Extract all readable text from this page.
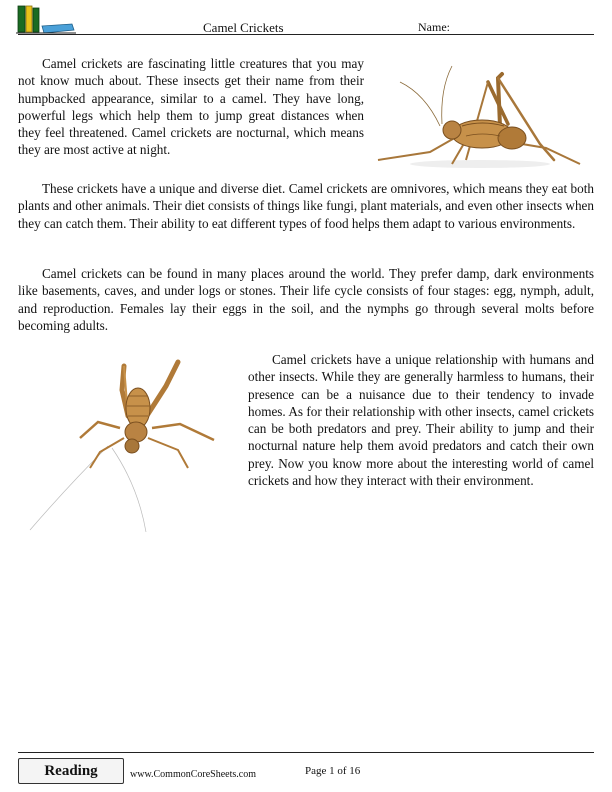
Camel Crickets	Name:

Camel crickets are fascinating little creatures that you may not know much about. These insects get their name from their humpbacked appearance, similar to a camel. They have long, powerful legs which help them to jump great distances when they feel threatened. Camel crickets are nocturnal, which means they are most active at night.

These crickets have a unique and diverse diet. Camel crickets are omnivores, which means they eat both plants and other animals. Their diet consists of things like fungi, plant materials, and even other insects when they can catch them. Their ability to eat different types of food helps them adapt to various environments.

Camel crickets can be found in many places around the world. They prefer damp, dark environments like basements, caves, and under logs or stones. Their life cycle consists of four stages: egg, nymph, adult, and reproduction. Females lay their eggs in the soil, and the nymphs go through several molts before becoming adults.

Camel crickets have a unique relationship with humans and other insects. While they are generally harmless to humans, their presence can be a nuisance due to their tendency to invade homes. As for their relationship with other insects, camel crickets can be both predators and prey. Their ability to jump and their nocturnal nature help them avoid predators and catch their own prey. Now you know more about the interesting world of camel crickets and how they interact with their environment.

Reading	www.CommonCoreSheets.com	Page 1 of 16
